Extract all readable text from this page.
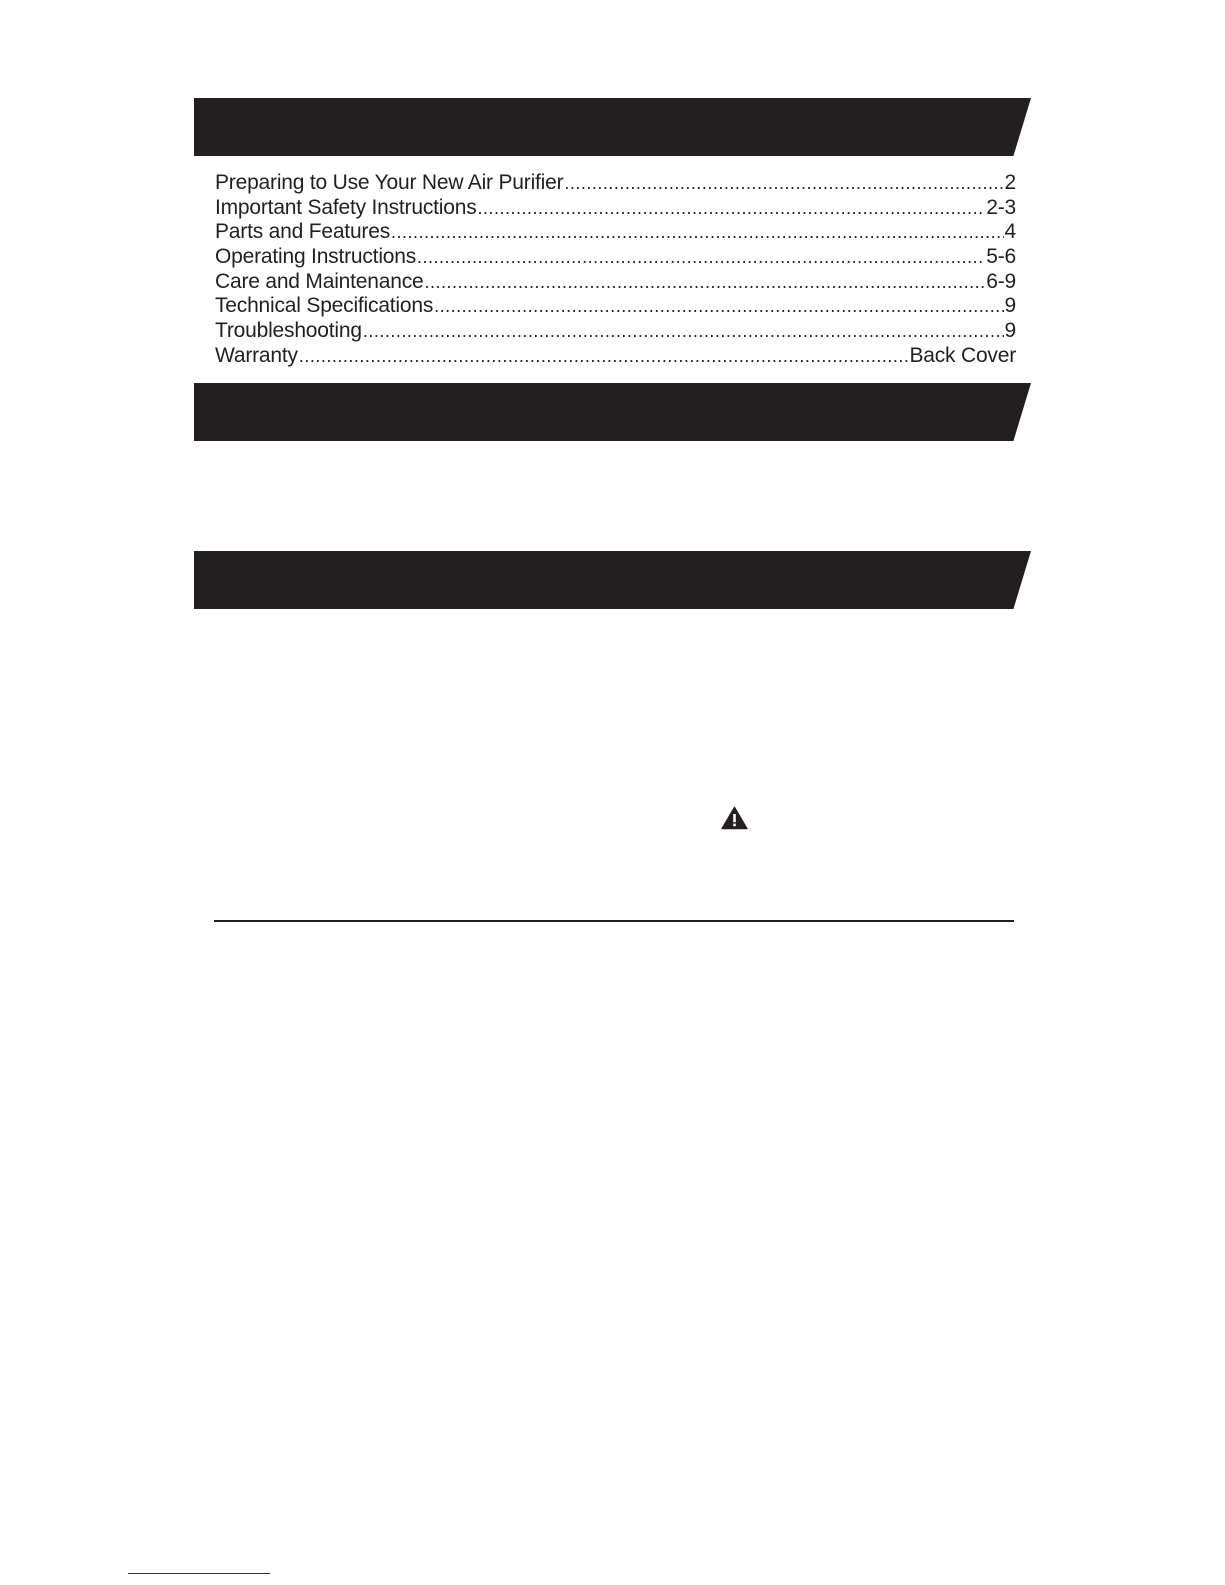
Preparing to Use Your New Air Purifier .....	2
Important Safety Instructions .....	2-3
Parts and Features .....	4
Operating Instructions .....	5-6
Care and Maintenance .....	6-9
Technical Specifications .....	9
Troubleshooting .....	9
Warranty .....	Back Cover
